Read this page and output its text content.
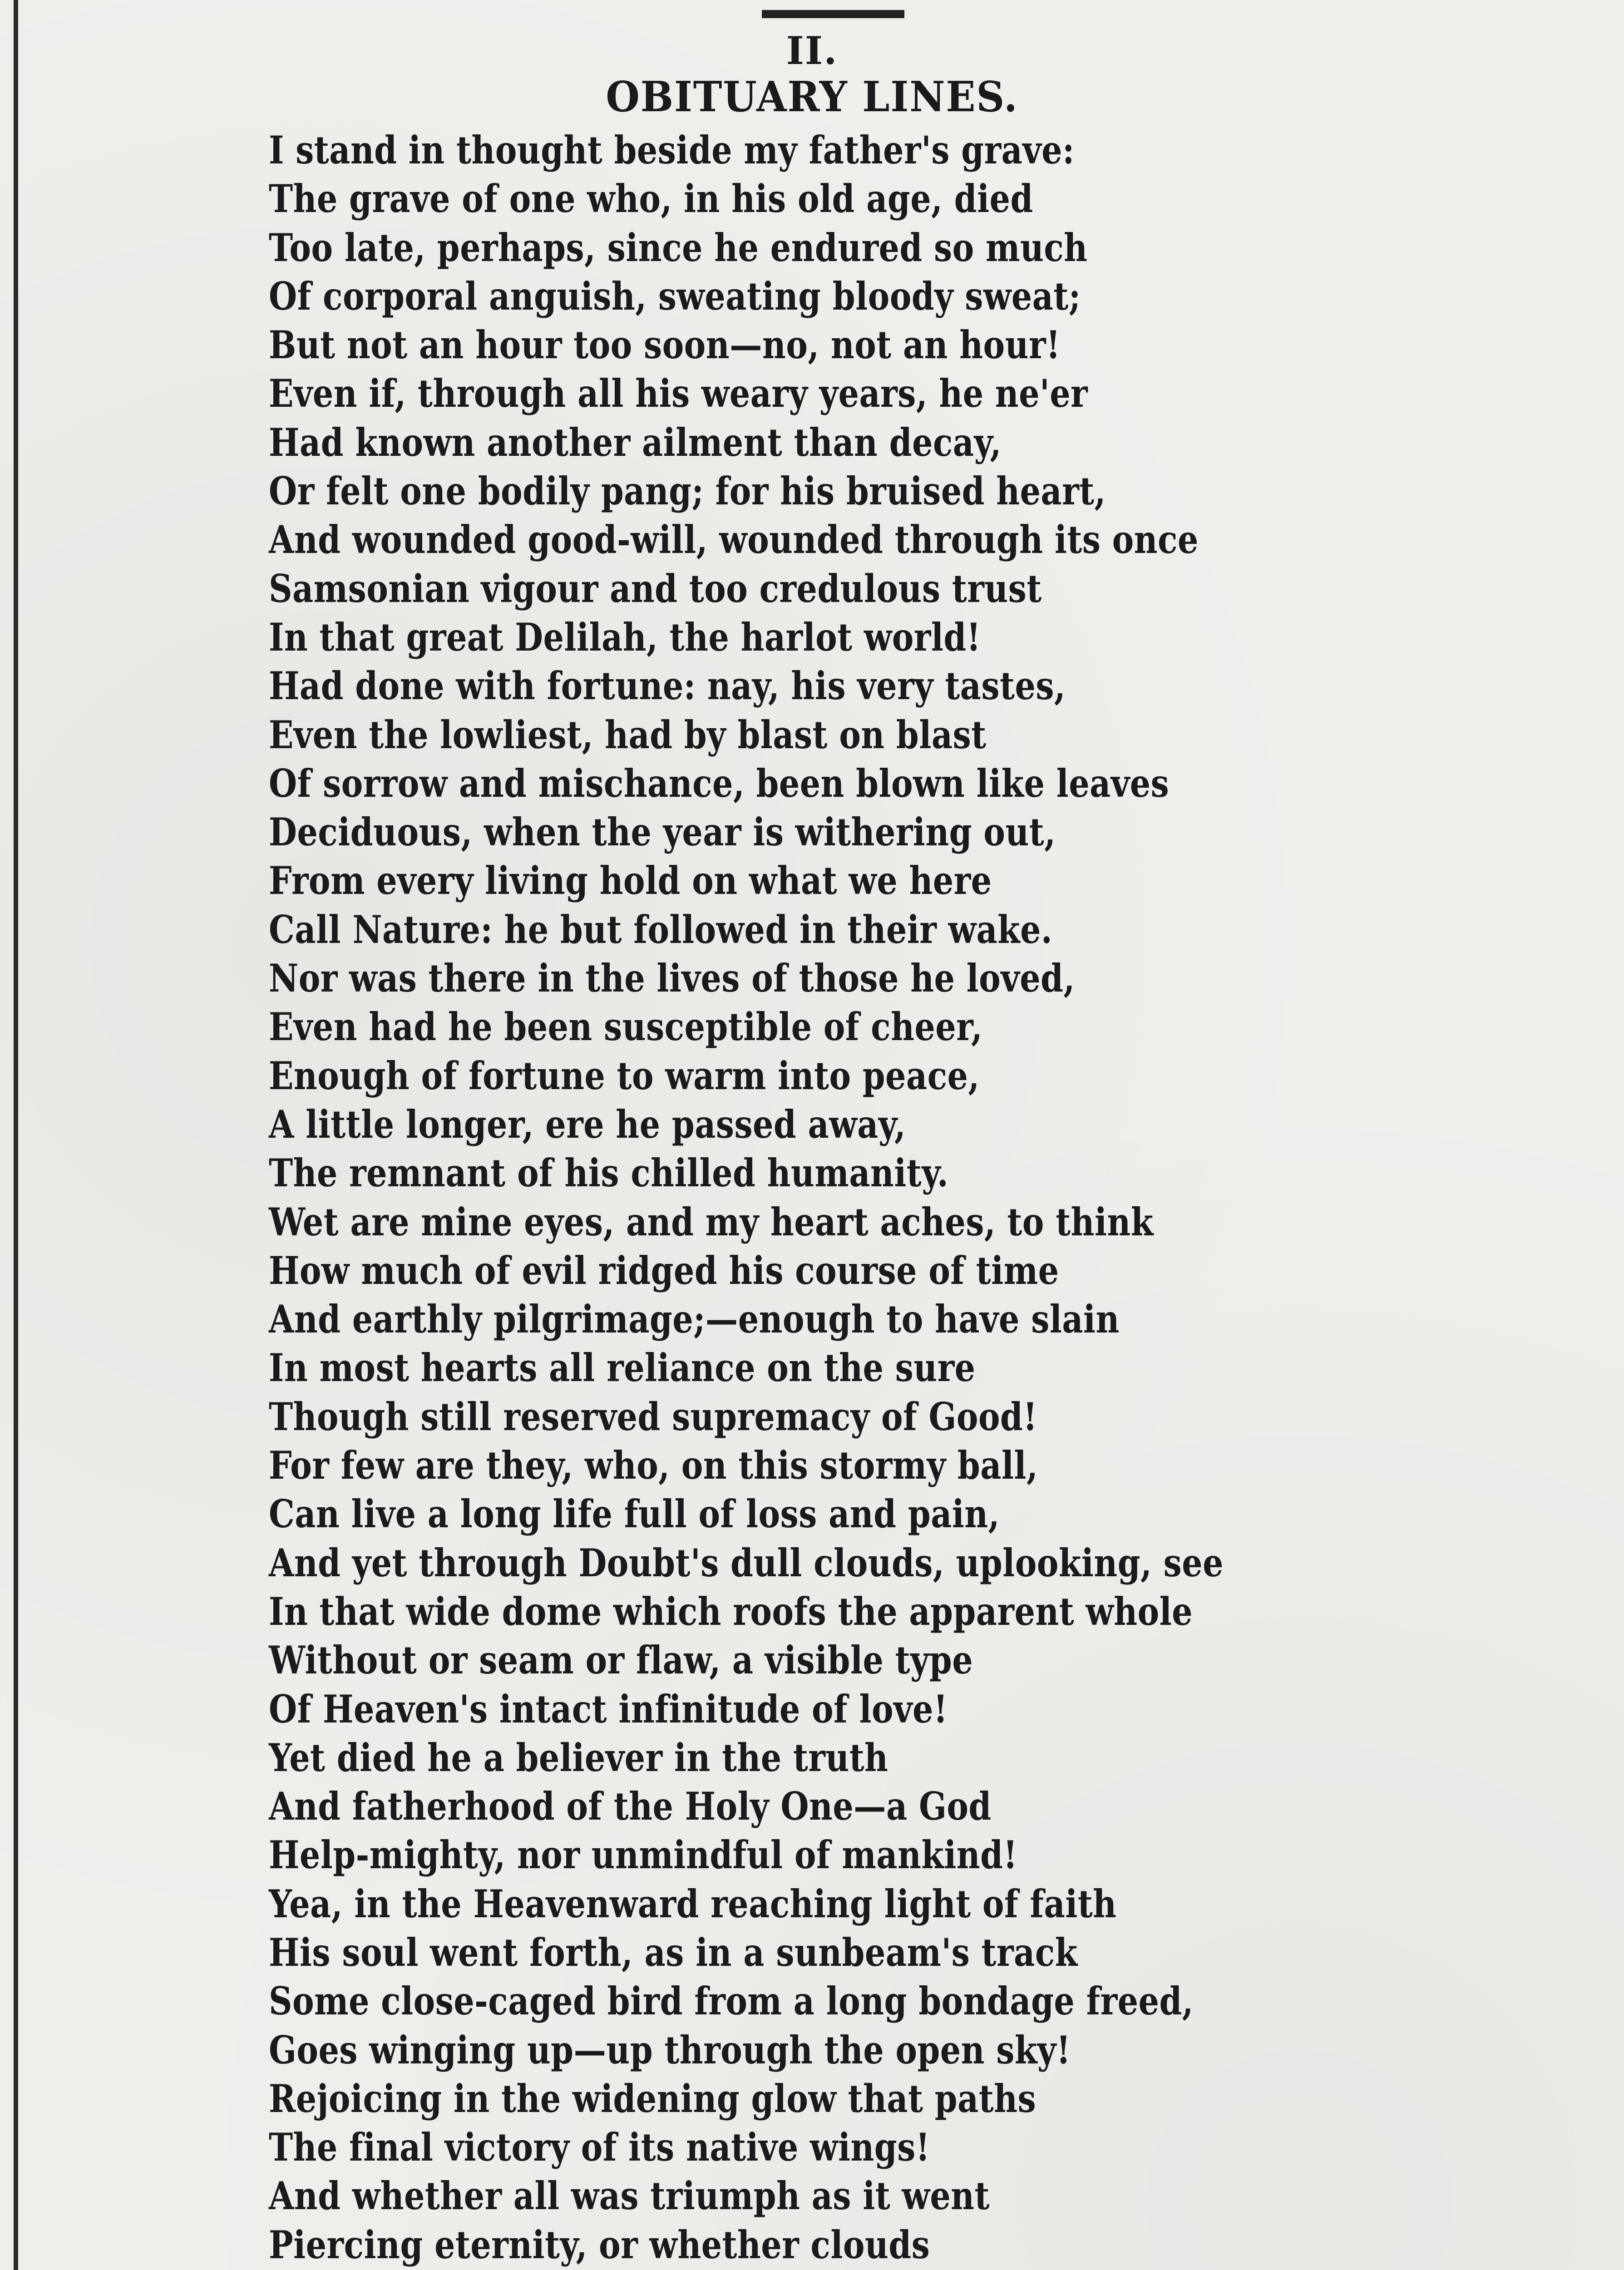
II.
OBITUARY LINES.
I stand in thought beside my father's grave:
The grave of one who, in his old age, died
Too late, perhaps, since he endured so much
Of corporal anguish, sweating bloody sweat;
But not an hour too soon—no, not an hour!
Even if, through all his weary years, he ne'er
Had known another ailment than decay,
Or felt one bodily pang; for his bruised heart,
And wounded good-will, wounded through its once
Samsonian vigour and too credulous trust
In that great Delilah, the harlot world!
Had done with fortune: nay, his very tastes,
Even the lowliest, had by blast on blast
Of sorrow and mischance, been blown like leaves
Deciduous, when the year is withering out,
From every living hold on what we here
Call Nature: he but followed in their wake.
Nor was there in the lives of those he loved,
Even had he been susceptible of cheer,
Enough of fortune to warm into peace,
A little longer, ere he passed away,
The remnant of his chilled humanity.
Wet are mine eyes, and my heart aches, to think
How much of evil ridged his course of time
And earthly pilgrimage;—enough to have slain
In most hearts all reliance on the sure
Though still reserved supremacy of Good!
For few are they, who, on this stormy ball,
Can live a long life full of loss and pain,
And yet through Doubt's dull clouds, uplooking, see
In that wide dome which roofs the apparent whole
Without or seam or flaw, a visible type
Of Heaven's intact infinitude of love!
Yet died he a believer in the truth
And fatherhood of the Holy One—a God
Help-mighty, nor unmindful of mankind!
Yea, in the Heavenward reaching light of faith
His soul went forth, as in a sunbeam's track
Some close-caged bird from a long bondage freed,
Goes winging up—up through the open sky!
Rejoicing in the widening glow that paths
The final victory of its native wings!
And whether all was triumph as it went
Piercing eternity, or whether clouds
